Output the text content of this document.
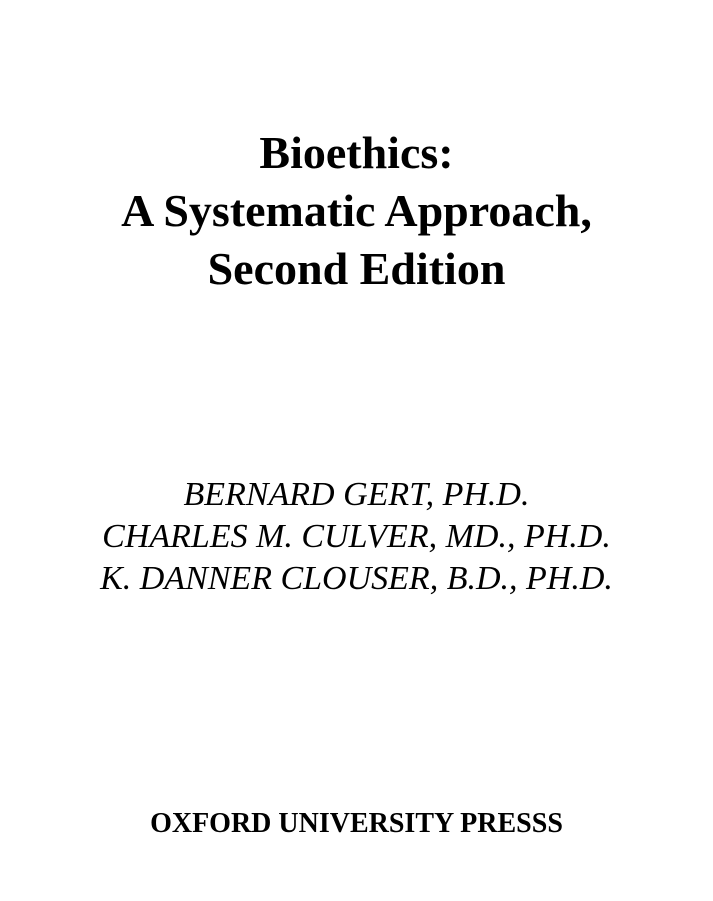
Bioethics:
A Systematic Approach,
Second Edition
BERNARD GERT, PH.D.
CHARLES M. CULVER, MD., PH.D.
K. DANNER CLOUSER, B.D., PH.D.
OXFORD UNIVERSITY PRESSS
